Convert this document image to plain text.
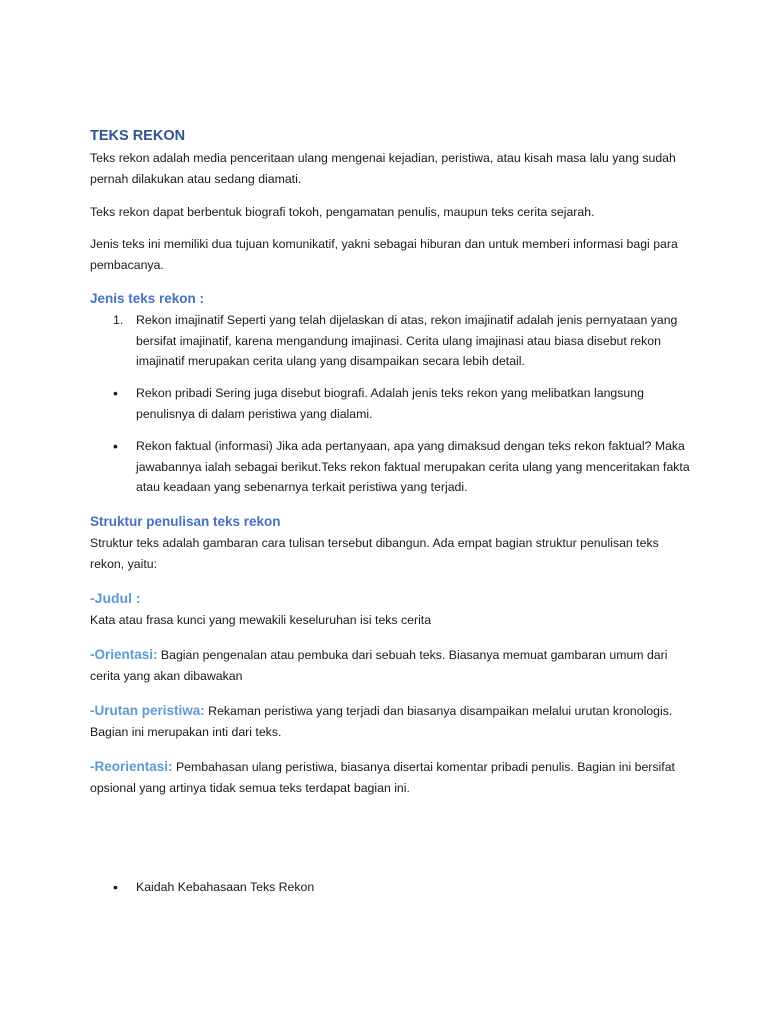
TEKS REKON

Teks rekon adalah media penceritaan ulang mengenai kejadian, peristiwa, atau kisah masa lalu yang sudah pernah dilakukan atau sedang diamati.

Teks rekon dapat berbentuk biografi tokoh, pengamatan penulis, maupun teks cerita sejarah.

Jenis teks ini memiliki dua tujuan komunikatif, yakni sebagai hiburan dan untuk memberi informasi bagi para pembacanya.

Jenis teks rekon :
1. Rekon imajinatif Seperti yang telah dijelaskan di atas, rekon imajinatif adalah jenis pernyataan yang bersifat imajinatif, karena mengandung imajinasi. Cerita ulang imajinasi atau biasa disebut rekon imajinatif merupakan cerita ulang yang disampaikan secara lebih detail.

• Rekon pribadi Sering juga disebut biografi. Adalah jenis teks rekon yang melibatkan langsung penulisnya di dalam peristiwa yang dialami.

• Rekon faktual (informasi) Jika ada pertanyaan, apa yang dimaksud dengan teks rekon faktual? Maka jawabannya ialah sebagai berikut.Teks rekon faktual merupakan cerita ulang yang menceritakan fakta atau keadaan yang sebenarnya terkait peristiwa yang terjadi.

Struktur penulisan teks rekon

Struktur teks adalah gambaran cara tulisan tersebut dibangun. Ada empat bagian struktur penulisan teks rekon, yaitu:

-Judul :

Kata atau frasa kunci yang mewakili keseluruhan isi teks cerita

-Orientasi: Bagian pengenalan atau pembuka dari sebuah teks. Biasanya memuat gambaran umum dari cerita yang akan dibawakan

-Urutan peristiwa: Rekaman peristiwa yang terjadi dan biasanya disampaikan melalui urutan kronologis. Bagian ini merupakan inti dari teks.

-Reorientasi: Pembahasan ulang peristiwa, biasanya disertai komentar pribadi penulis. Bagian ini bersifat opsional yang artinya tidak semua teks terdapat bagian ini.

• Kaidah Kebahasaan Teks Rekon
